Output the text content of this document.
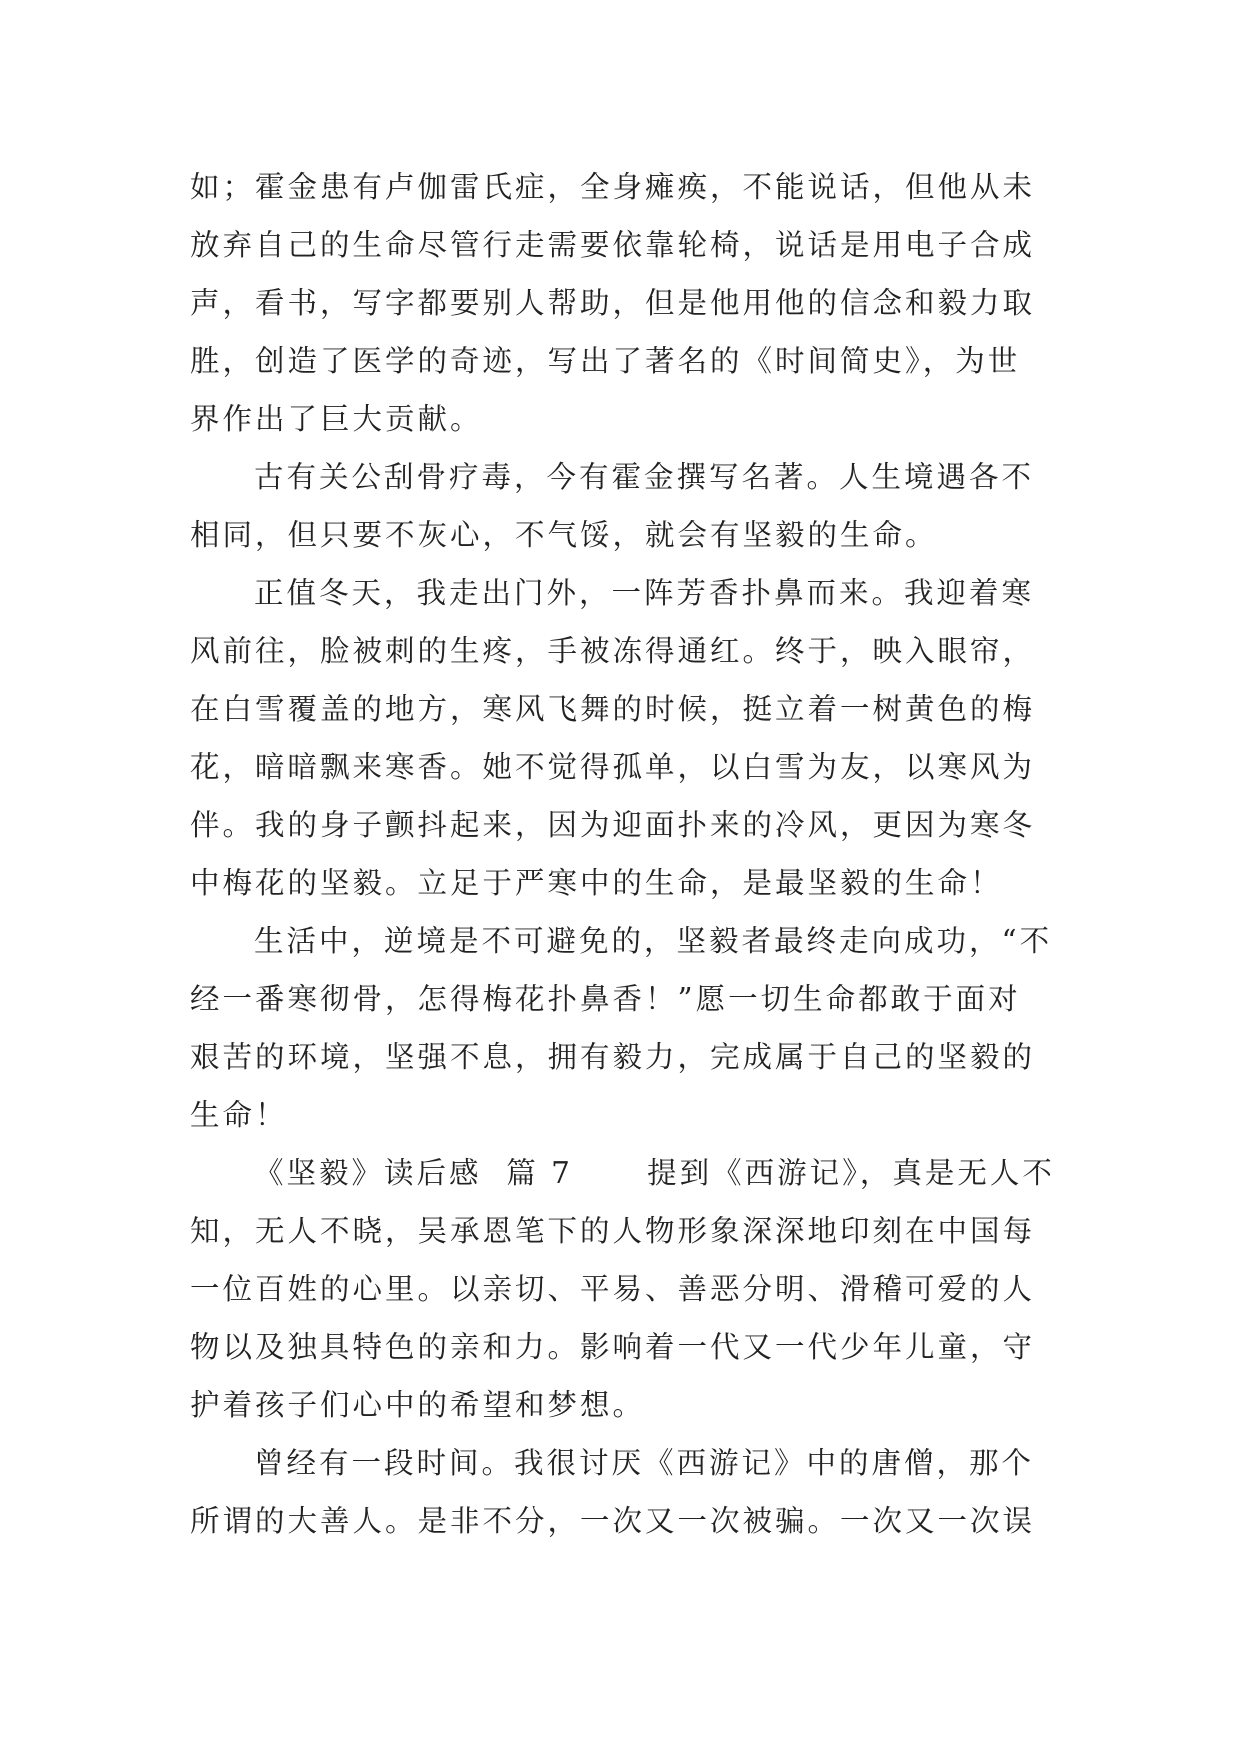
如；霍金患有卢伽雷氏症，全身瘫痪，不能说话，但他从未
放弃自己的生命尽管行走需要依靠轮椅，说话是用电子合成
声，看书，写字都要别人帮助，但是他用他的信念和毅力取
胜，创造了医学的奇迹，写出了著名的《时间简史》，为世
界作出了巨大贡献。
古有关公刮骨疗毒，今有霍金撰写名著。人生境遇各不
相同，但只要不灰心，不气馁，就会有坚毅的生命。
正值冬天，我走出门外，一阵芳香扑鼻而来。我迎着寒
风前往，脸被刺的生疼，手被冻得通红。终于，映入眼帘，
在白雪覆盖的地方，寒风飞舞的时候，挺立着一树黄色的梅
花，暗暗飘来寒香。她不觉得孤单，以白雪为友，以寒风为
伴。我的身子颤抖起来，因为迎面扑来的冷风，更因为寒冬
中梅花的坚毅。立足于严寒中的生命，是最坚毅的生命！
生活中，逆境是不可避免的，坚毅者最终走向成功，“不
经一番寒彻骨，怎得梅花扑鼻香！”愿一切生命都敢于面对
艰苦的环境，坚强不息，拥有毅力，完成属于自己的坚毅的
生命！
《坚毅》读后感  篇 7      提到《西游记》，真是无人不
知，无人不晓，吴承恩笔下的人物形象深深地印刻在中国每
一位百姓的心里。以亲切、平易、善恶分明、滑稽可爱的人
物以及独具特色的亲和力。影响着一代又一代少年儿童，守
护着孩子们心中的希望和梦想。
曾经有一段时间。我很讨厌《西游记》中的唐僧，那个
所谓的大善人。是非不分，一次又一次被骗。一次又一次误
